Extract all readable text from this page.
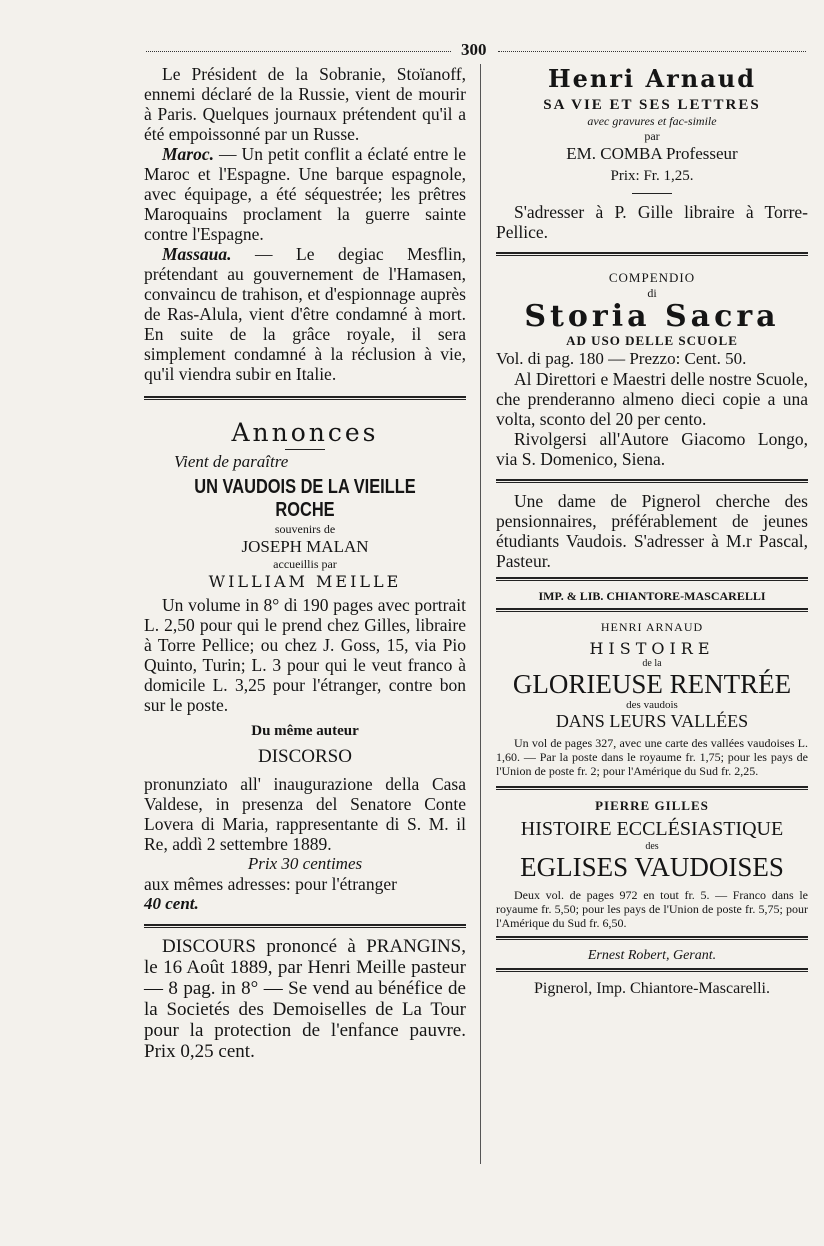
300

Le Président de la Sobranie, Stoïanoff, ennemi déclaré de la Russie, vient de mourir à Paris. Quelques journaux prétendent qu'il a été empoissonné par un Russe.

Maroc. — Un petit conflit a éclaté entre le Maroc et l'Espagne. Une barque espagnole, avec équipage, a été séquestrée; les prêtres Maroquains proclament la guerre sainte contre l'Espagne.

Massaua. — Le degiac Mesflin, prétendant au gouvernement de l'Hamasen, convaincu de trahison, et d'espionnage auprès de Ras-Alula, vient d'être condamné à mort. En suite de la grâce royale, il sera simplement condamné à la réclusion à vie, qu'il viendra subir en Italie.

Annonces

Vient de paraître

UN VAUDOIS DE LA VIEILLE ROCHE

souvenirs de

JOSEPH MALAN

accueillis par

WILLIAM MEILLE

Un volume in 8° di 190 pages avec portrait L. 2,50 pour qui le prend chez Gilles, libraire à Torre Pellice; ou chez J. Goss, 15, via Pio Quinto, Turin; L. 3 pour qui le veut franco à domicile L. 3,25 pour l'étranger, contre bon sur le poste.

Du même auteur

DISCORSO

pronunziato all' inaugurazione della Casa Valdese, in presenza del Senatore Conte Lovera di Maria, rappresentante di S. M. il Re, addì 2 settembre 1889.

Prix 30 centimes

aux mêmes adresses: pour l'étranger

40 cent.

DISCOURS prononcé à PRANGINS, le 16 Août 1889, par Henri Meille pasteur — 8 pag. in 8° — Se vend au bénéfice de la Societés des Demoiselles de La Tour pour la protection de l'enfance pauvre. Prix 0,25 cent.

Henri Arnaud

SA VIE ET SES LETTRES

avec gravures et fac-simile

par

EM. COMBA Professeur

Prix: Fr. 1,25.

S'adresser à P. Gille libraire à Torre-Pellice.

COMPENDIO

di

Storia Sacra

AD USO DELLE SCUOLE

Vol. di pag. 180 — Prezzo: Cent. 50.

Al Direttori e Maestri delle nostre Scuole, che prenderanno almeno dieci copie a una volta, sconto del 20 per cento.

Rivolgersi all'Autore Giacomo Longo, via S. Domenico, Siena.

Une dame de Pignerol cherche des pensionnaires, préférablement de jeunes étudiants Vaudois. S'adresser à M.r Pascal, Pasteur.

IMP. & LIB. CHIANTORE-MASCARELLI

HENRI ARNAUD

HISTOIRE

de la

GLORIEUSE RENTRÉE

des vaudois

DANS LEURS VALLÉES

Un vol de pages 327, avec une carte des vallées vaudoises L. 1,60. — Par la poste dans le royaume fr. 1,75; pour les pays de l'Union de poste fr. 2; pour l'Amérique du Sud fr. 2,25.

PIERRE GILLES

HISTOIRE ECCLÉSIASTIQUE

des

EGLISES VAUDOISES

Deux vol. de pages 972 en tout fr. 5. — Franco dans le royaume fr. 5,50; pour les pays de l'Union de poste fr. 5,75; pour l'Amérique du Sud fr. 6,50.

Ernest Robert, Gerant.

Pignerol, Imp. Chiantore-Mascarelli.
